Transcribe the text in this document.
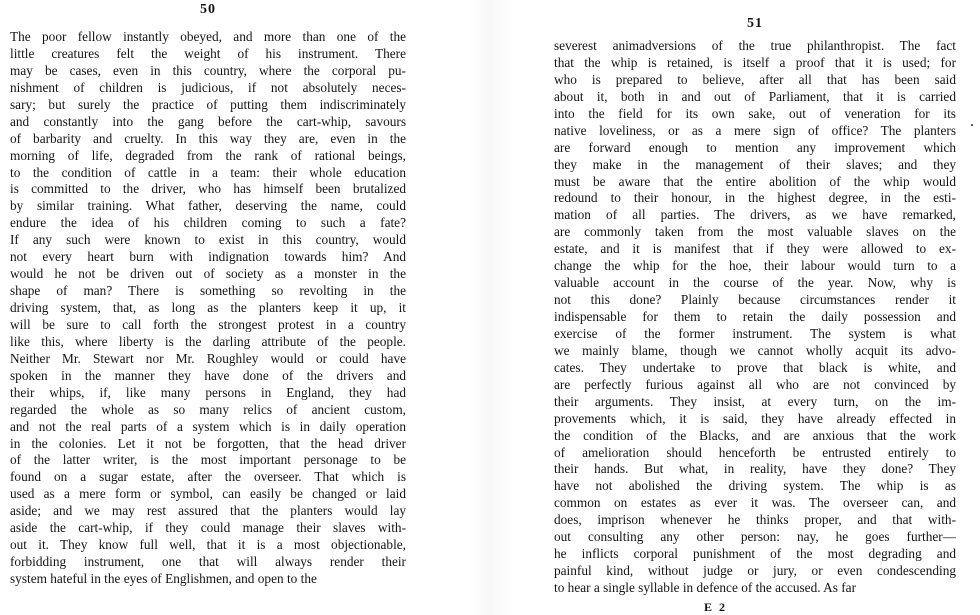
50
The poor fellow instantly obeyed, and more than one of the
little creatures felt the weight of his instrument. There
may be cases, even in this country, where the corporal pu-
nishment of children is judicious, if not absolutely neces-
sary; but surely the practice of putting them indiscriminately
and constantly into the gang before the cart-whip, savours
of barbarity and cruelty. In this way they are, even in the
morning of life, degraded from the rank of rational beings,
to the condition of cattle in a team: their whole education
is committed to the driver, who has himself been brutalized
by similar training. What father, deserving the name, could
endure the idea of his children coming to such a fate?
If any such were known to exist in this country, would
not every heart burn with indignation towards him? And
would he not be driven out of society as a monster in the
shape of man? There is something so revolting in the
driving system, that, as long as the planters keep it up, it
will be sure to call forth the strongest protest in a country
like this, where liberty is the darling attribute of the people.
Neither Mr. Stewart nor Mr. Roughley would or could have
spoken in the manner they have done of the drivers and
their whips, if, like many persons in England, they had
regarded the whole as so many relics of ancient custom,
and not the real parts of a system which is in daily operation
in the colonies. Let it not be forgotten, that the head driver
of the latter writer, is the most important personage to be
found on a sugar estate, after the overseer. That which is
used as a mere form or symbol, can easily be changed or laid
aside; and we may rest assured that the planters would lay
aside the cart-whip, if they could manage their slaves with-
out it. They know full well, that it is a most objectionable,
forbidding instrument, one that will always render their
system hateful in the eyes of Englishmen, and open to the
51
severest animadversions of the true philanthropist. The fact
that the whip is retained, is itself a proof that it is used; for
who is prepared to believe, after all that has been said
about it, both in and out of Parliament, that it is carried
into the field for its own sake, out of veneration for its
native loveliness, or as a mere sign of office? The planters
are forward enough to mention any improvement which
they make in the management of their slaves; and they
must be aware that the entire abolition of the whip would
redound to their honour, in the highest degree, in the esti-
mation of all parties. The drivers, as we have remarked,
are commonly taken from the most valuable slaves on the
estate, and it is manifest that if they were allowed to ex-
change the whip for the hoe, their labour would turn to a
valuable account in the course of the year. Now, why is
not this done? Plainly because circumstances render it
indispensable for them to retain the daily possession and
exercise of the former instrument. The system is what
we mainly blame, though we cannot wholly acquit its advo-
cates. They undertake to prove that black is white, and
are perfectly furious against all who are not convinced by
their arguments. They insist, at every turn, on the im-
provements which, it is said, they have already effected in
the condition of the Blacks, and are anxious that the work
of amelioration should henceforth be entrusted entirely to
their hands. But what, in reality, have they done? They
have not abolished the driving system. The whip is as
common on estates as ever it was. The overseer can, and
does, imprison whenever he thinks proper, and that with-
out consulting any other person: nay, he goes further—
he inflicts corporal punishment of the most degrading and
painful kind, without judge or jury, or even condescending
to hear a single syllable in defence of the accused. As far
E 2
·
